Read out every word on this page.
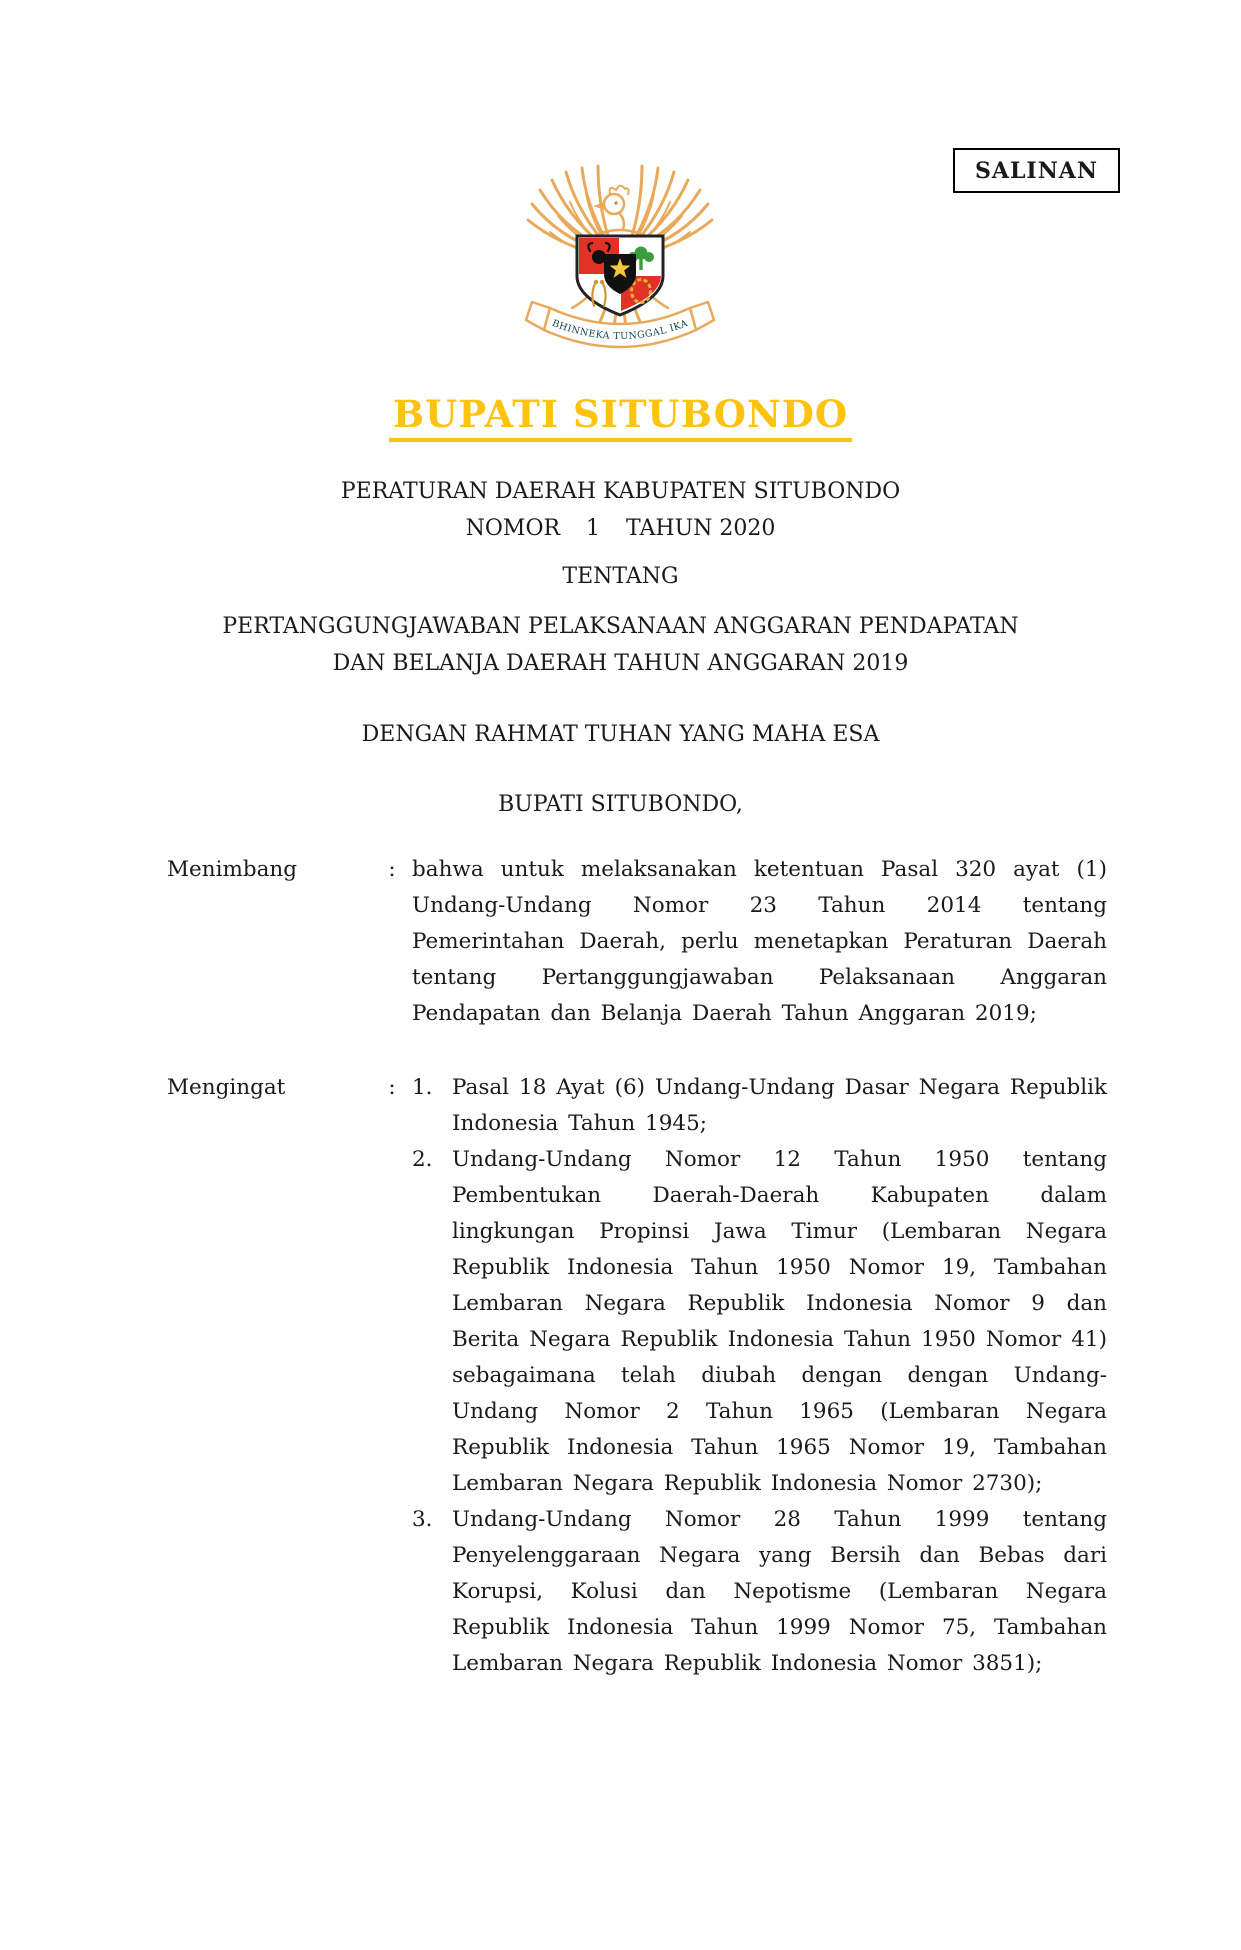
SALINAN
BHINNEKA TUNGGAL IKA
BUPATI SITUBONDO
PERATURAN DAERAH KABUPATEN SITUBONDO
NOMOR 1 TAHUN 2020
TENTANG
PERTANGGUNGJAWABAN PELAKSANAAN ANGGARAN PENDAPATAN
DAN BELANJA DAERAH TAHUN ANGGARAN 2019
DENGAN RAHMAT TUHAN YANG MAHA ESA
BUPATI SITUBONDO,
Menimbang	: bahwa untuk melaksanakan ketentuan Pasal 320 ayat (1) Undang-Undang Nomor 23 Tahun 2014 tentang Pemerintahan Daerah, perlu menetapkan Peraturan Daerah tentang Pertanggungjawaban Pelaksanaan Anggaran Pendapatan dan Belanja Daerah Tahun Anggaran 2019;
Mengingat	: 1. Pasal 18 Ayat (6) Undang-Undang Dasar Negara Republik Indonesia Tahun 1945;
2. Undang-Undang Nomor 12 Tahun 1950 tentang Pembentukan Daerah-Daerah Kabupaten dalam lingkungan Propinsi Jawa Timur (Lembaran Negara Republik Indonesia Tahun 1950 Nomor 19, Tambahan Lembaran Negara Republik Indonesia Nomor 9 dan Berita Negara Republik Indonesia Tahun 1950 Nomor 41) sebagaimana telah diubah dengan dengan Undang-Undang Nomor 2 Tahun 1965 (Lembaran Negara Republik Indonesia Tahun 1965 Nomor 19, Tambahan Lembaran Negara Republik Indonesia Nomor 2730);
3. Undang-Undang Nomor 28 Tahun 1999 tentang Penyelenggaraan Negara yang Bersih dan Bebas dari Korupsi, Kolusi dan Nepotisme (Lembaran Negara Republik Indonesia Tahun 1999 Nomor 75, Tambahan Lembaran Negara Republik Indonesia Nomor 3851);
